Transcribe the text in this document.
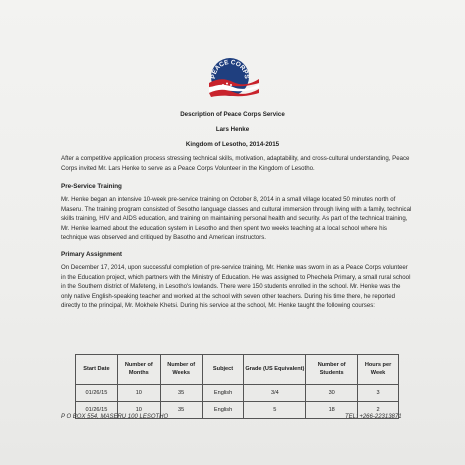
PEACE CORPS
Description of Peace Corps Service
Lars Henke
Kingdom of Lesotho, 2014-2015
After a competitive application process stressing technical skills, motivation, adaptability, and cross-cultural understanding, Peace Corps invited Mr. Lars Henke to serve as a Peace Corps Volunteer in the Kingdom of Lesotho.
Pre-Service Training
Mr. Henke began an intensive 10-week pre-service training on October 8, 2014 in a small village located 50 minutes north of Maseru. The training program consisted of Sesotho language classes and cultural immersion through living with a family, technical skills training, HIV and AIDS education, and training on maintaining personal health and security. As part of the technical training, Mr. Henke learned about the education system in Lesotho and then spent two weeks teaching at a local school where his technique was observed and critiqued by Basotho and American instructors.
Primary Assignment
On December 17, 2014, upon successful completion of pre-service training, Mr. Henke was sworn in as a Peace Corps volunteer in the Education project, which partners with the Ministry of Education. He was assigned to Phechela Primary, a small rural school in the Southern district of Mafeteng, in Lesotho's lowlands. There were 150 students enrolled in the school. Mr. Henke was the only native English-speaking teacher and worked at the school with seven other teachers. During his time there, he reported directly to the principal, Mr. Mokhele Khetsi. During his service at the school, Mr. Henke taught the following courses:
Start Date	Number of Months	Number of Weeks	Subject	Grade (US Equivalent)	Number of Students	Hours per Week
01/26/15	10	35	English	3/4	30	3
01/26/15	10	35	English	5	18	2
P O BOX 554, MASERU 100 LESOTHO	TEL: +266-22313871
